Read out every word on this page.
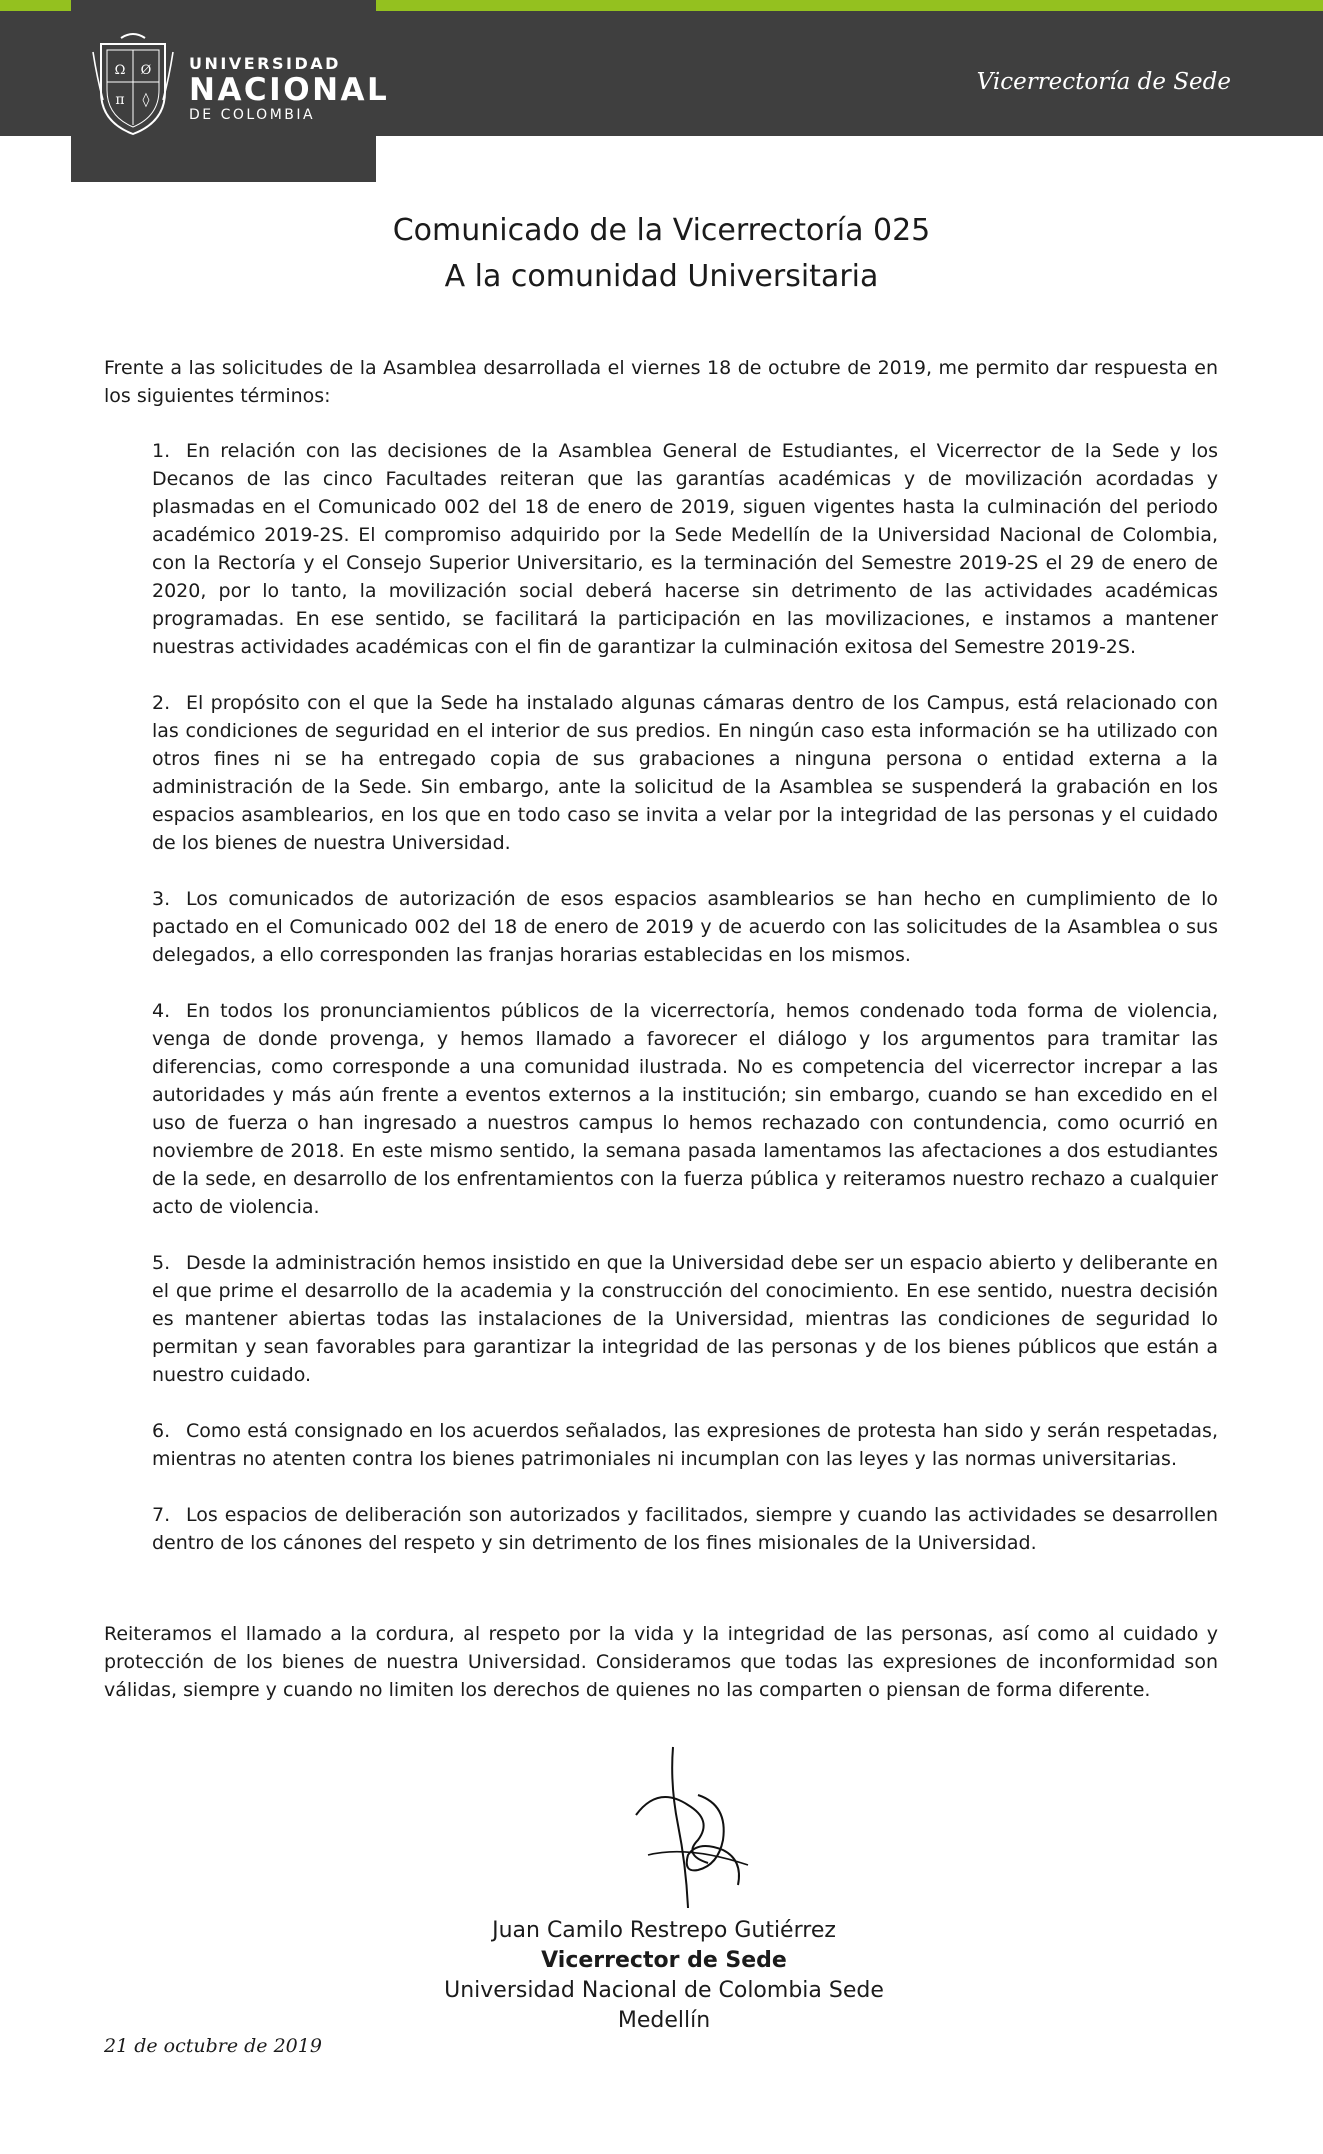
Vicerrectoría de Sede
Ω Ø
π ◊
UNIVERSIDAD
NACIONAL
DE COLOMBIA
Comunicado de la Vicerrectoría 025
A la comunidad Universitaria

Frente a las solicitudes de la Asamblea desarrollada el viernes 18 de octubre de 2019, me permito dar respuesta en los siguientes términos:

1. En relación con las decisiones de la Asamblea General de Estudiantes, el Vicerrector de la Sede y los Decanos de las cinco Facultades reiteran que las garantías académicas y de movilización acordadas y plasmadas en el Comunicado 002 del 18 de enero de 2019, siguen vigentes hasta la culminación del periodo académico 2019-2S. El compromiso adquirido por la Sede Medellín de la Universidad Nacional de Colombia, con la Rectoría y el Consejo Superior Universitario, es la terminación del Semestre 2019-2S el 29 de enero de 2020, por lo tanto, la movilización social deberá hacerse sin detrimento de las actividades académicas programadas. En ese sentido, se facilitará la participación en las movilizaciones, e instamos a mantener nuestras actividades académicas con el fin de garantizar la culminación exitosa del Semestre 2019-2S.
2. El propósito con el que la Sede ha instalado algunas cámaras dentro de los Campus, está relacionado con las condiciones de seguridad en el interior de sus predios. En ningún caso esta información se ha utilizado con otros fines ni se ha entregado copia de sus grabaciones a ninguna persona o entidad externa a la administración de la Sede. Sin embargo, ante la solicitud de la Asamblea se suspenderá la grabación en los espacios asamblearios, en los que en todo caso se invita a velar por la integridad de las personas y el cuidado de los bienes de nuestra Universidad.
3. Los comunicados de autorización de esos espacios asamblearios se han hecho en cumplimiento de lo pactado en el Comunicado 002 del 18 de enero de 2019 y de acuerdo con las solicitudes de la Asamblea o sus delegados, a ello corresponden las franjas horarias establecidas en los mismos.
4. En todos los pronunciamientos públicos de la vicerrectoría, hemos condenado toda forma de violencia, venga de donde provenga, y hemos llamado a favorecer el diálogo y los argumentos para tramitar las diferencias, como corresponde a una comunidad ilustrada. No es competencia del vicerrector increpar a las autoridades y más aún frente a eventos externos a la institución; sin embargo, cuando se han excedido en el uso de fuerza o han ingresado a nuestros campus lo hemos rechazado con contundencia, como ocurrió en noviembre de 2018. En este mismo sentido, la semana pasada lamentamos las afectaciones a dos estudiantes de la sede, en desarrollo de los enfrentamientos con la fuerza pública y reiteramos nuestro rechazo a cualquier acto de violencia.
5. Desde la administración hemos insistido en que la Universidad debe ser un espacio abierto y deliberante en el que prime el desarrollo de la academia y la construcción del conocimiento. En ese sentido, nuestra decisión es mantener abiertas todas las instalaciones de la Universidad, mientras las condiciones de seguridad lo permitan y sean favorables para garantizar la integridad de las personas y de los bienes públicos que están a nuestro cuidado.
6. Como está consignado en los acuerdos señalados, las expresiones de protesta han sido y serán respetadas, mientras no atenten contra los bienes patrimoniales ni incumplan con las leyes y las normas universitarias.
7. Los espacios de deliberación son autorizados y facilitados, siempre y cuando las actividades se desarrollen dentro de los cánones del respeto y sin detrimento de los fines misionales de la Universidad.

Reiteramos el llamado a la cordura, al respeto por la vida y la integridad de las personas, así como al cuidado y protección de los bienes de nuestra Universidad. Consideramos que todas las expresiones de inconformidad son válidas, siempre y cuando no limiten los derechos de quienes no las comparten o piensan de forma diferente.

Juan Camilo Restrepo Gutiérrez
Vicerrector de Sede
Universidad Nacional de Colombia Sede Medellín
21 de octubre de 2019
